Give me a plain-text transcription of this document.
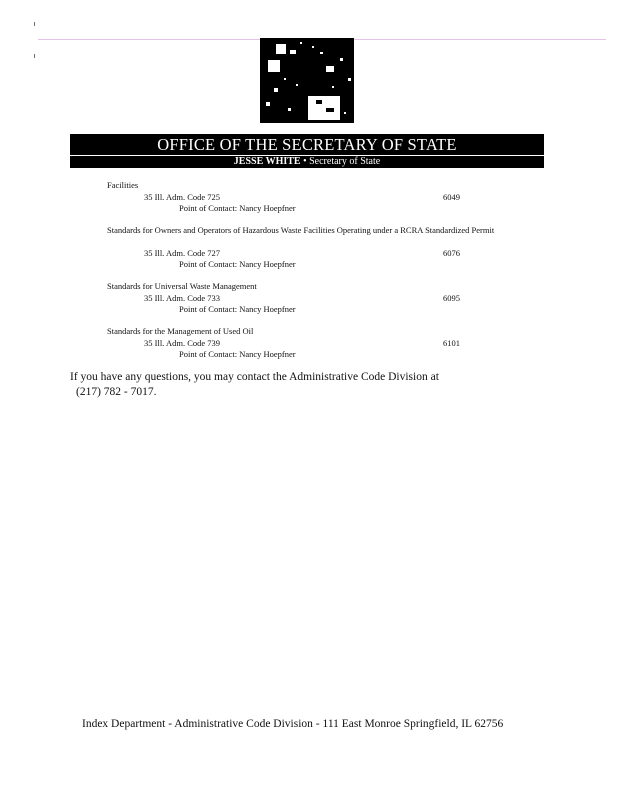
OFFICE OF THE SECRETARY OF STATE
JESSE WHITE • Secretary of State
Facilities
35 Ill. Adm. Code 725	6049
Point of Contact: Nancy Hoepfner
Standards for Owners and Operators of Hazardous Waste Facilities Operating under a RCRA Standardized Permit
35 Ill. Adm. Code 727	6076
Point of Contact: Nancy Hoepfner
Standards for Universal Waste Management
35 Ill. Adm. Code 733	6095
Point of Contact: Nancy Hoepfner
Standards for the Management of Used Oil
35 Ill. Adm. Code 739	6101
Point of Contact: Nancy Hoepfner
If you have any questions, you may contact the Administrative Code Division at
(217) 782 - 7017.
Index Department - Administrative Code Division - 111 East Monroe Springfield, IL 62756
